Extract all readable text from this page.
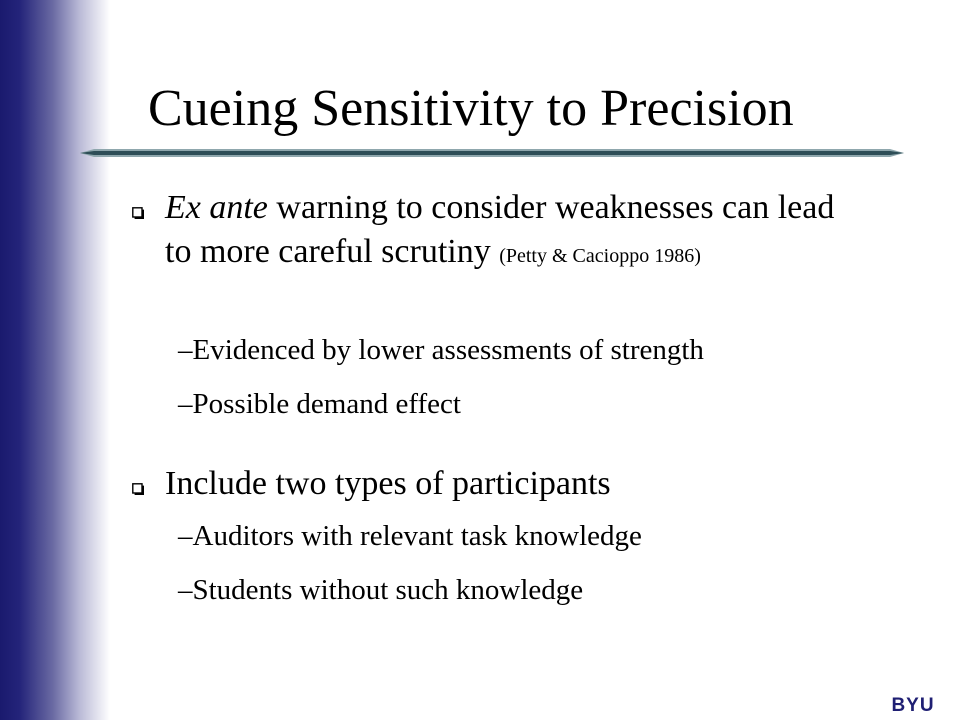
Cueing Sensitivity to Precision
Ex ante warning to consider weaknesses can lead to more careful scrutiny (Petty & Cacioppo 1986)
–Evidenced by lower assessments of strength
–Possible demand effect
Include two types of participants
–Auditors with relevant task knowledge
–Students without such knowledge
BYU
